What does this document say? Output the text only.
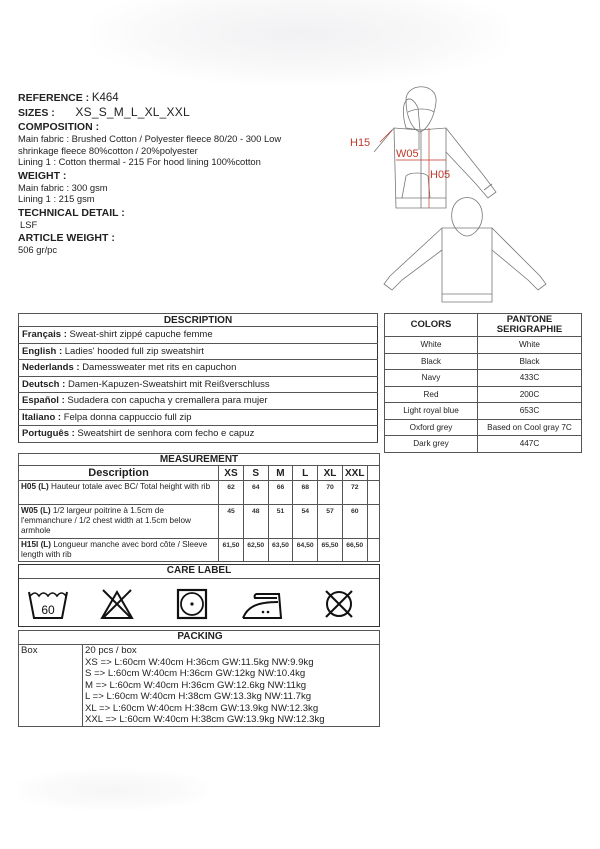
REFERENCE : K464
SIZES : XS_S_M_L_XL_XXL
COMPOSITION :
Main fabric : Brushed Cotton / Polyester fleece 80/20 - 300 Low
shrinkage fleece 80%cotton / 20%polyester
Lining 1 : Cotton thermal - 215 For hood lining 100%cotton
WEIGHT :
Main fabric : 300 gsm
Lining 1 : 215 gsm
TECHNICAL DETAIL :
LSF
ARTICLE WEIGHT :
506 gr/pc
H15
W05
H05
DESCRIPTION
Français : Sweat-shirt zippé capuche femme
English : Ladies' hooded full zip sweatshirt
Nederlands : Damessweater met rits en capuchon
Deutsch : Damen-Kapuzen-Sweatshirt mit Reißverschluss
Español : Sudadera con capucha y cremallera para mujer
Italiano : Felpa donna cappuccio full zip
Português : Sweatshirt de senhora com fecho e capuz
COLORS	PANTONE SERIGRAPHIE
White	White
Black	Black
Navy	433C
Red	200C
Light royal blue	653C
Oxford grey	Based on Cool gray 7C
Dark grey	447C
MEASUREMENT							
Description	XS	S	M	L	XL	XXL	
H05 (L) Hauteur totale avec BC/ Total height with rib	62	64	66	68	70	72	
W05 (L) 1/2 largeur poitrine à 1.5cm de l'emmanchure / 1/2 chest width at 1.5cm below armhole	45	48	51	54	57	60	
H15l (L) Longueur manche avec bord côte / Sleeve length with rib	61,50	62,50	63,50	64,50	65,50	66,50	
CARE LABEL
60
PACKING
Box	20 pcs / box
XS => L:60cm W:40cm H:36cm GW:11.5kg NW:9.9kg
S => L:60cm W:40cm H:36cm GW:12kg NW:10.4kg
M => L:60cm W:40cm H:36cm GW:12.6kg NW:11kg
L => L:60cm W:40cm H:38cm GW:13.3kg NW:11.7kg
XL => L:60cm W:40cm H:38cm GW:13.9kg NW:12.3kg
XXL => L:60cm W:40cm H:38cm GW:13.9kg NW:12.3kg
